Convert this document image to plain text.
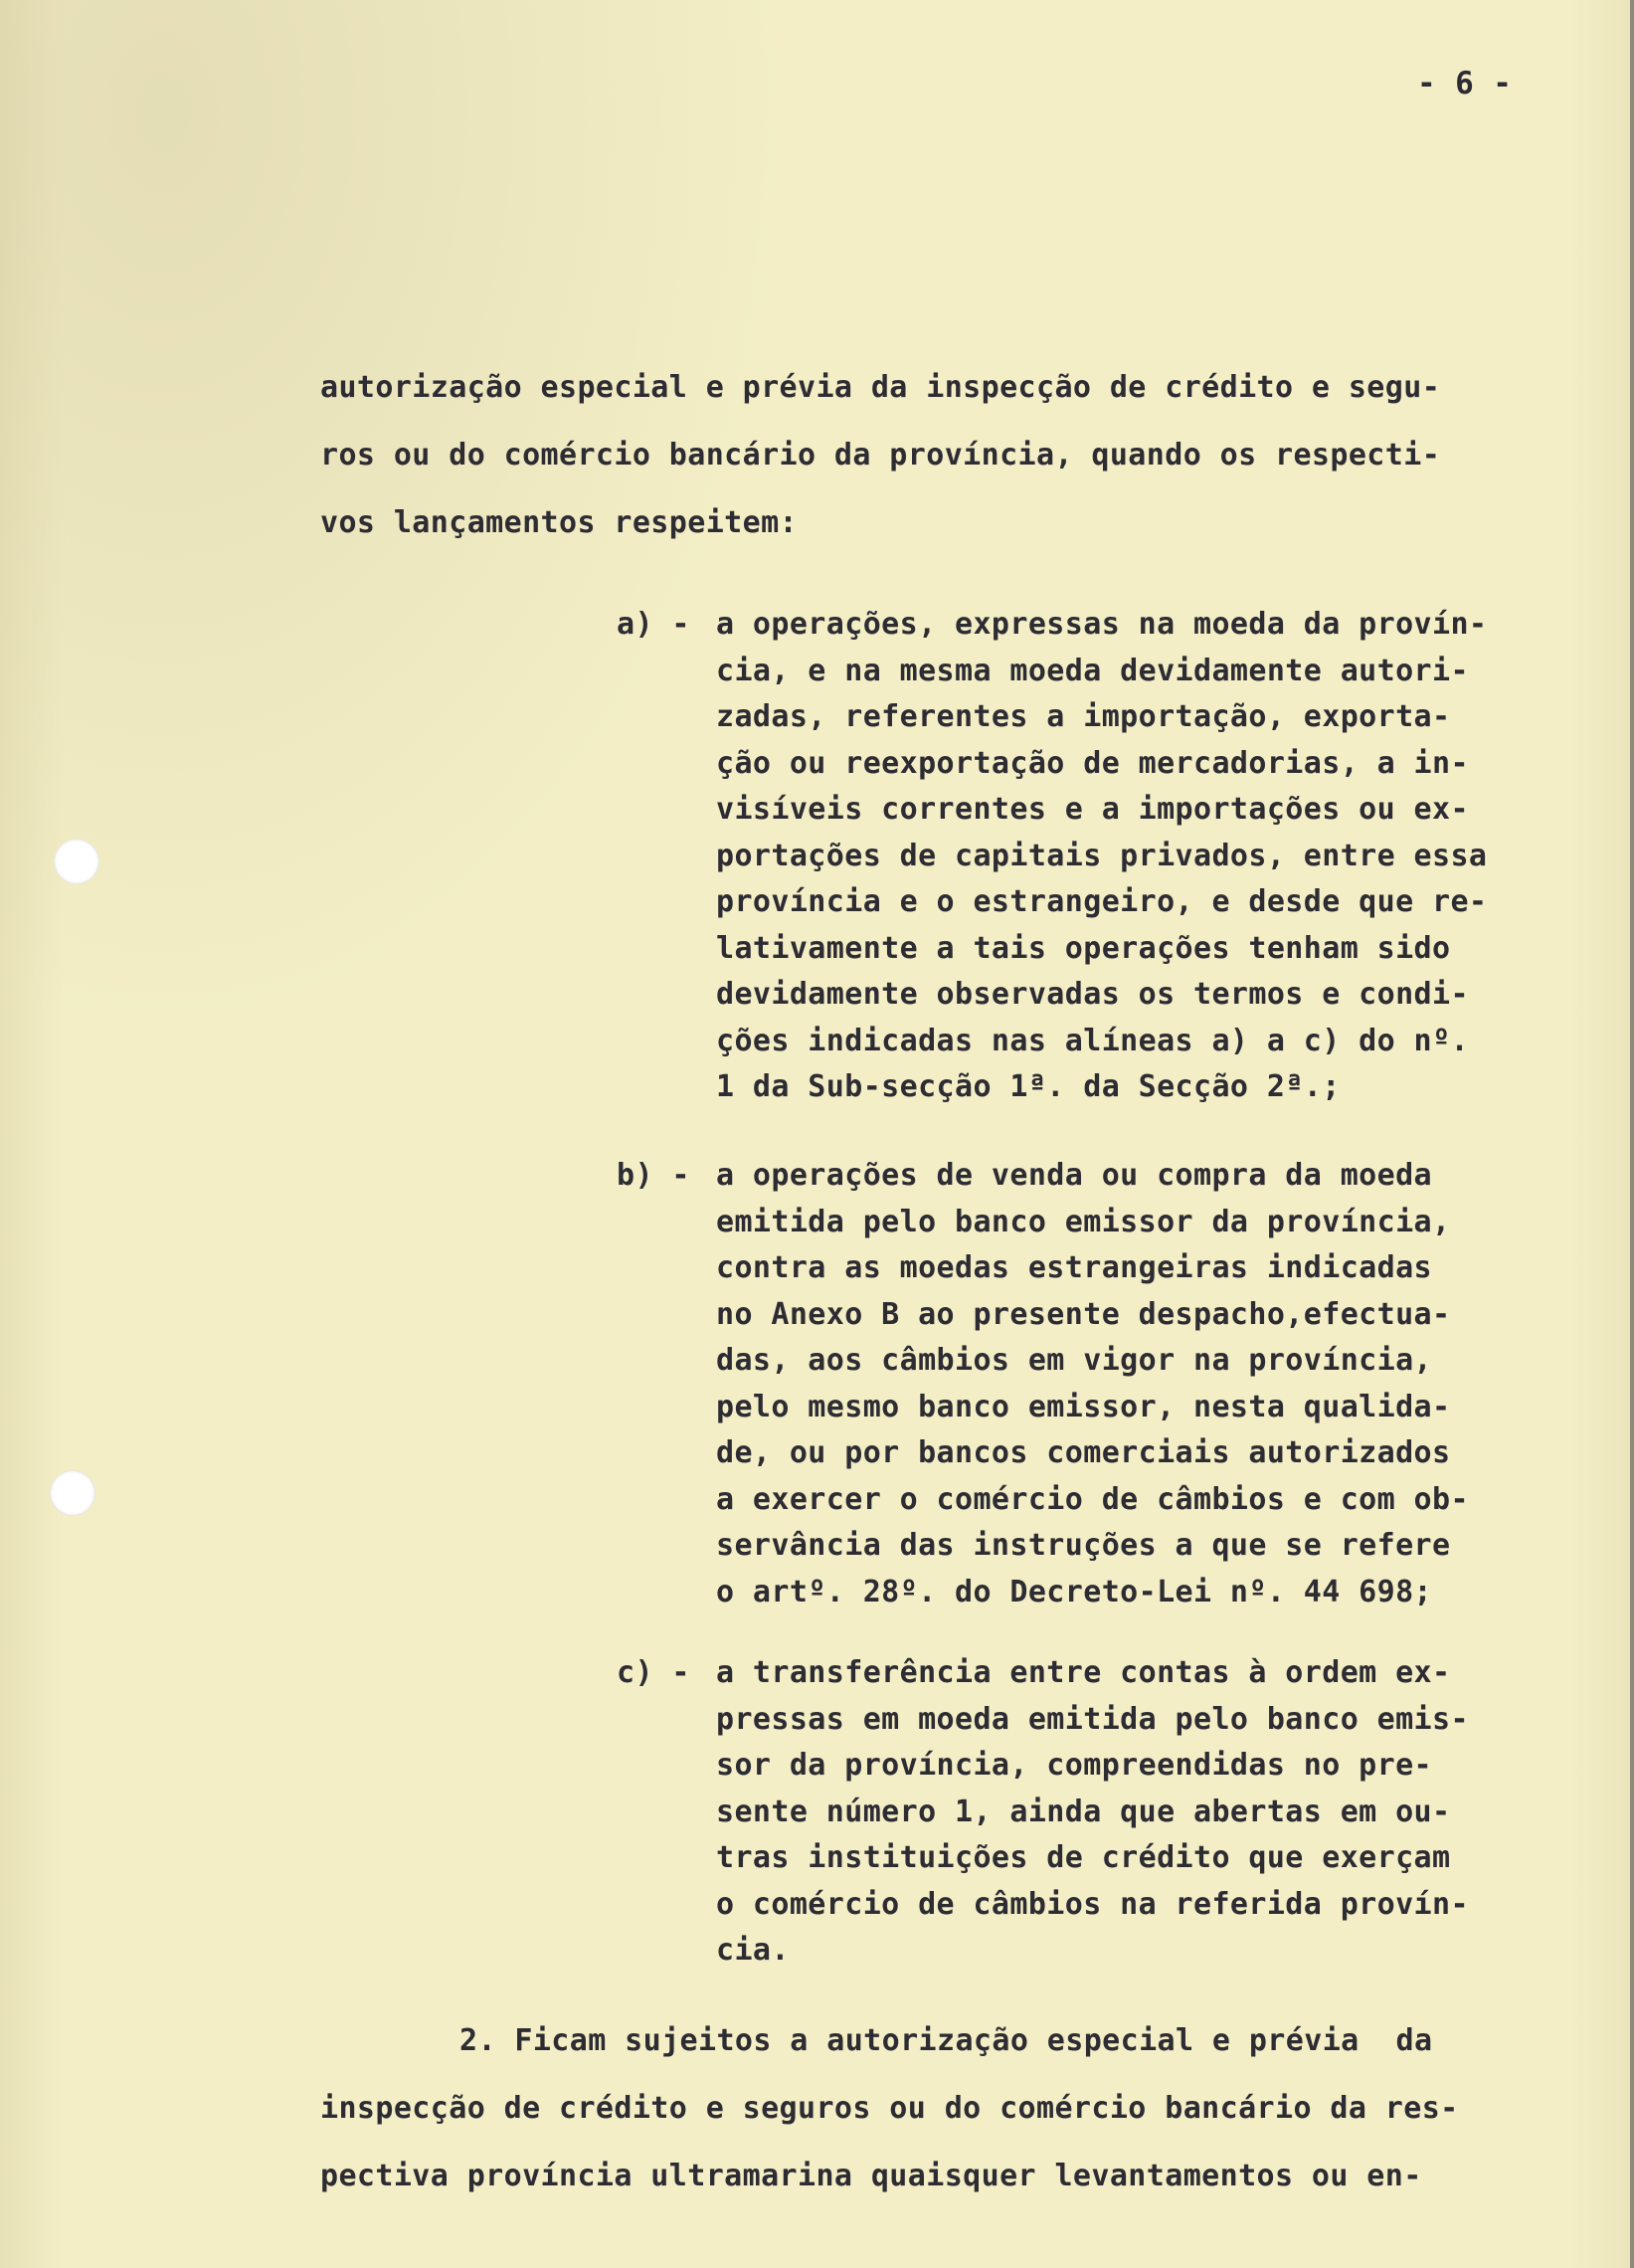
- 6 -
autorização especial e prévia da inspecção de crédito e segu-
ros ou do comércio bancário da província, quando os respecti-
vos lançamentos respeitem:
a) - a operações, expressas na moeda da provín-
cia, e na mesma moeda devidamente autori-
zadas, referentes a importação, exporta-
ção ou reexportação de mercadorias, a in-
visíveis correntes e a importações ou ex-
portações de capitais privados, entre essa
província e o estrangeiro, e desde que re-
lativamente a tais operações tenham sido
devidamente observadas os termos e condi-
ções indicadas nas alíneas a) a c) do nº.
1 da Sub-secção 1ª. da Secção 2ª.;
b) - a operações de venda ou compra da moeda
emitida pelo banco emissor da província,
contra as moedas estrangeiras indicadas
no Anexo B ao presente despacho,efectua-
das, aos câmbios em vigor na província,
pelo mesmo banco emissor, nesta qualida-
de, ou por bancos comerciais autorizados
a exercer o comércio de câmbios e com ob-
servância das instruções a que se refere
o artº. 28º. do Decreto-Lei nº. 44 698;
c) - a transferência entre contas à ordem ex-
pressas em moeda emitida pelo banco emis-
sor da província, compreendidas no pre-
sente número 1, ainda que abertas em ou-
tras instituições de crédito que exerçam
o comércio de câmbios na referida provín-
cia.
2. Ficam sujeitos a autorização especial e prévia  da
inspecção de crédito e seguros ou do comércio bancário da res-
pectiva província ultramarina quaisquer levantamentos ou en-
